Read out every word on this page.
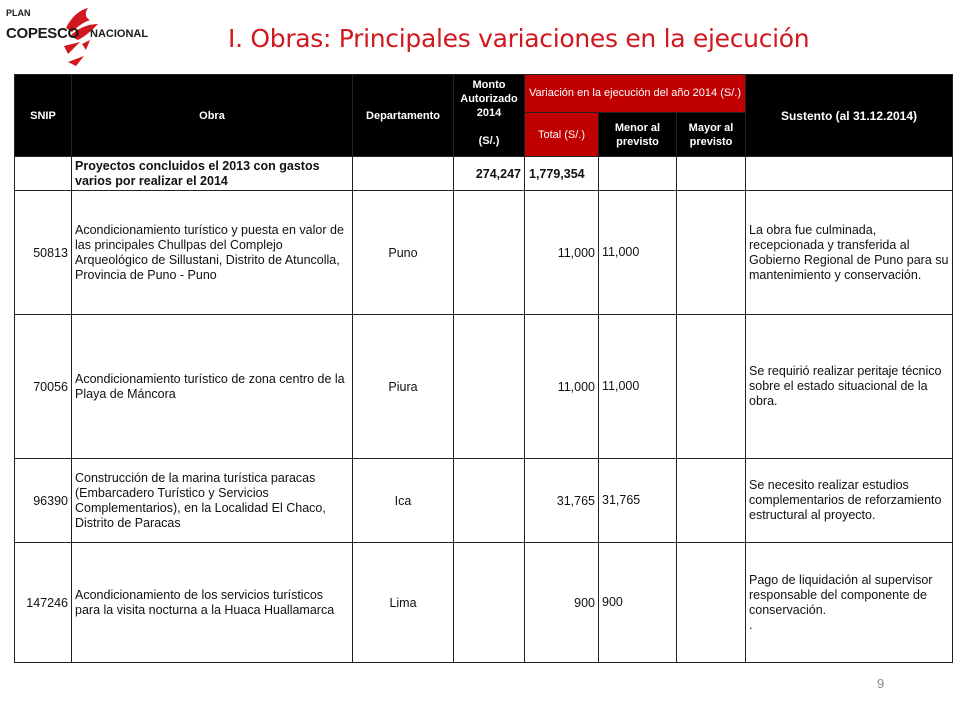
PLAN
COPESCO NACIONAL	I. Obras: Principales variaciones en la ejecución
SNIP	Obra	Departamento	Monto Autorizado 2014
(S/.)	Variación en la ejecución del año 2014 (S/.)			Sustento (al 31.12.2014)
				Total (S/.)	Menor al previsto	Mayor al previsto	
	Proyectos concluidos el 2013 con gastos varios por realizar el 2014		274,247	1,779,354			
50813	Acondicionamiento turístico y puesta en valor de las principales Chullpas del Complejo Arqueológico de Sillustani, Distrito de Atuncolla, Provincia de Puno - Puno	Puno		11,000	11,000		La obra fue culminada, recepcionada y transferida al Gobierno Regional de Puno para su mantenimiento y conservación.
70056	Acondicionamiento turístico de zona centro de la Playa de Máncora	Piura		11,000	11,000		Se requirió realizar peritaje técnico sobre el estado situacional de la obra.
96390	Construcción de la marina turística paracas (Embarcadero Turístico y Servicios Complementarios), en la Localidad El Chaco, Distrito de Paracas	Ica		31,765	31,765		Se necesito realizar estudios complementarios de reforzamiento estructural al proyecto.
147246	Acondicionamiento de los servicios turísticos para la visita nocturna a la Huaca Huallamarca	Lima		900	900		Pago de liquidación al supervisor responsable del componente de conservación.
.
9
